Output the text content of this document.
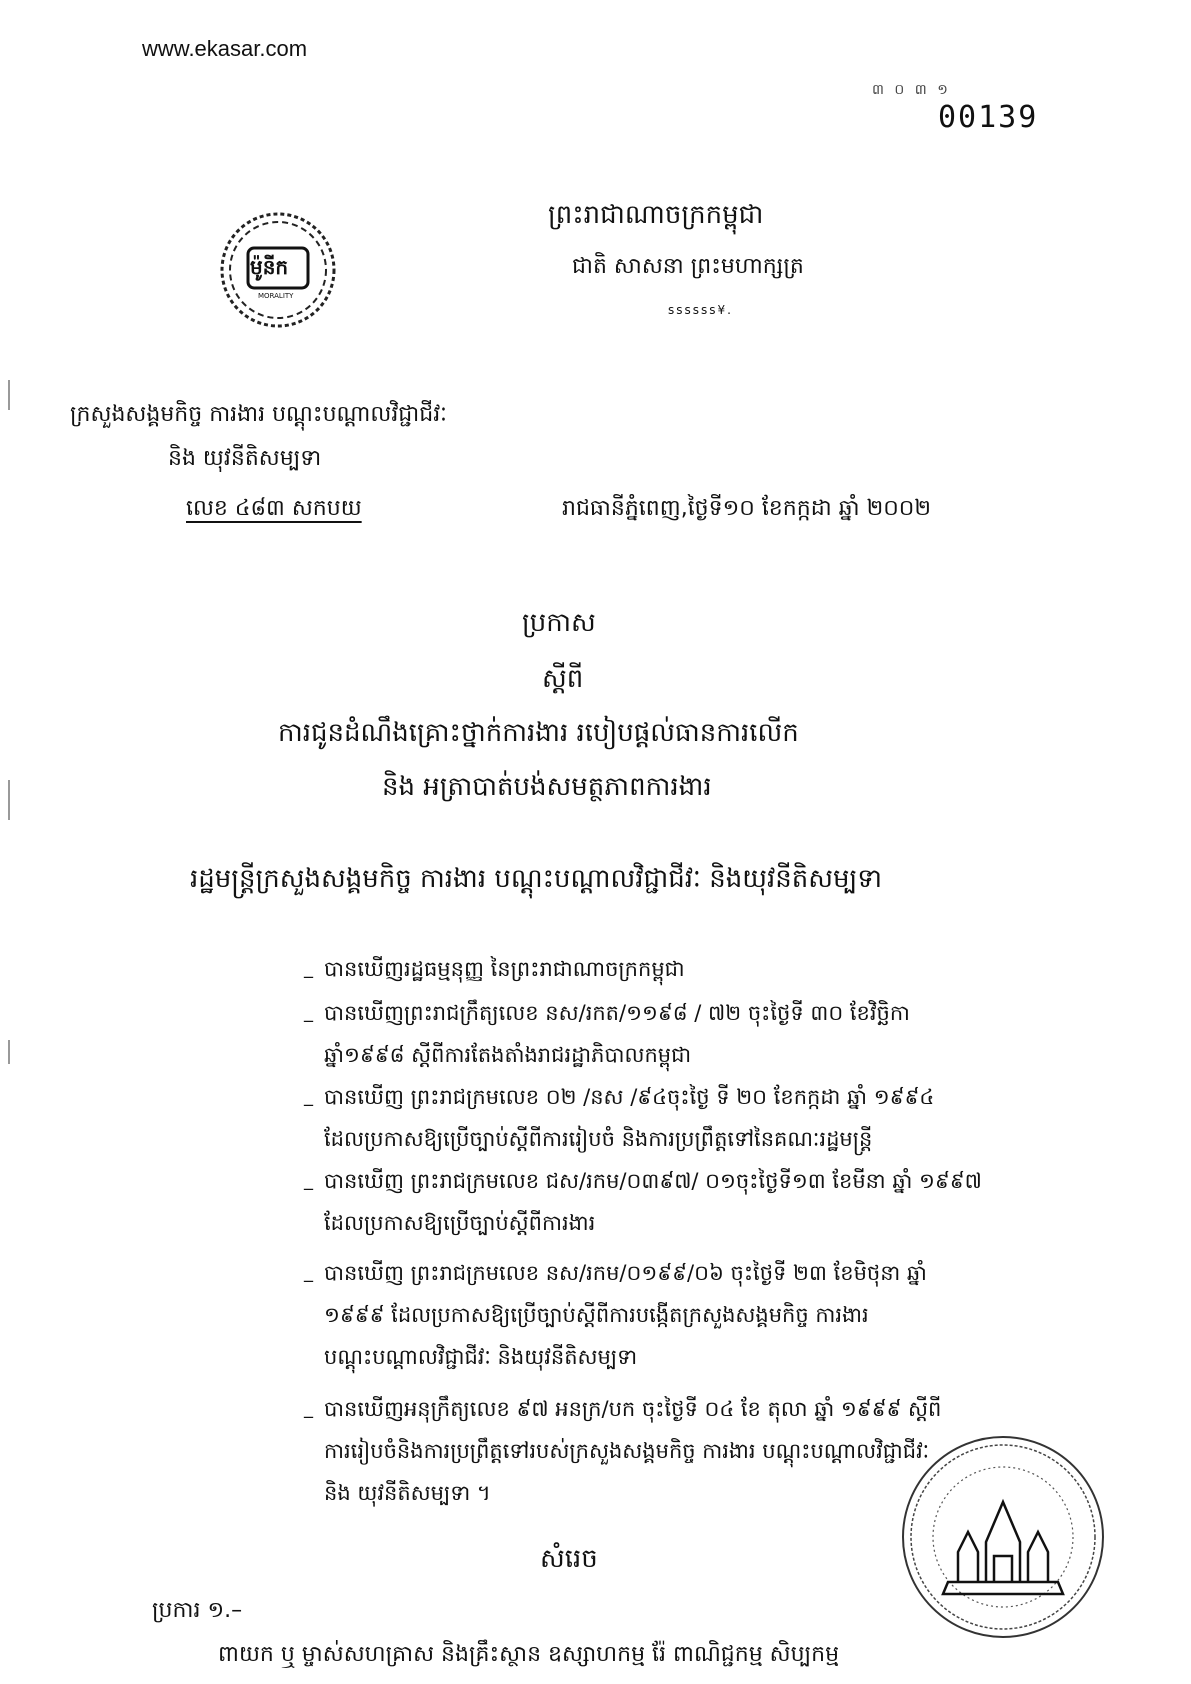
www.ekasar.com
៣ ០ ៣ ១
00139
ម៉ូនីក
MORALITY
ព្រះរាជាណាចក្រកម្ពុជា
ជាតិ សាសនា ព្រះមហាក្សត្រ
ssssss¥.
ក្រសួងសង្គមកិច្ច ការងារ បណ្តុះបណ្តាលវិជ្ជាជីវៈ
និង យុវនីតិសម្បទា
លេខ ៤៨៣ សកបយ	រាជធានីភ្នំពេញ,ថ្ងៃទី១០ ខែកក្កដា ឆ្នាំ ២០០២
ប្រកាស
ស្តីពី
ការជូនដំណឹងគ្រោះថ្នាក់ការងារ របៀបផ្តល់ធានការលើក
និង អត្រាបាត់បង់សមត្ថភាពការងារ
រដ្ឋមន្ត្រីក្រសួងសង្គមកិច្ច ការងារ បណ្តុះបណ្តាលវិជ្ជាជីវៈ និងយុវនីតិសម្បទា
_ បានឃើញរដ្ឋធម្មនុញ្ញ នៃព្រះរាជាណាចក្រកម្ពុជា
_ បានឃើញព្រះរាជក្រឹត្យលេខ នស/រកត/១១៩៨ / ៧២ ចុះថ្ងៃទី ៣០ ខែវិច្ឆិកា
ឆ្នាំ១៩៩៨ ស្តីពីការតែងតាំងរាជរដ្ឋាភិបាលកម្ពុជា
_ បានឃើញ ព្រះរាជក្រមលេខ ០២ /នស /៩៤ចុះថ្ងៃ ទី ២០ ខែកក្កដា ឆ្នាំ ១៩៩៤
ដែលប្រកាសឱ្យប្រើច្បាប់ស្តីពីការរៀបចំ និងការប្រព្រឹត្តទៅនៃគណៈរដ្ឋមន្ត្រី
_ បានឃើញ ព្រះរាជក្រមលេខ ជស/រកម/០៣៩៧/ ០១ចុះថ្ងៃទី១៣ ខែមីនា ឆ្នាំ ១៩៩៧
ដែលប្រកាសឱ្យប្រើច្បាប់ស្តីពីការងារ
_ បានឃើញ ព្រះរាជក្រមលេខ នស/រកម/០១៩៩/០៦ ចុះថ្ងៃទី ២៣ ខែមិថុនា ឆ្នាំ
១៩៩៩ ដែលប្រកាសឱ្យប្រើច្បាប់ស្តីពីការបង្កើតក្រសួងសង្គមកិច្ច ការងារ
បណ្តុះបណ្តាលវិជ្ជាជីវៈ និងយុវនីតិសម្បទា
_ បានឃើញអនុក្រឹត្យលេខ ៩៧ អនក្រ/បក ចុះថ្ងៃទី ០៤ ខែ តុលា ឆ្នាំ ១៩៩៩ ស្តីពី
ការរៀបចំនិងការប្រព្រឹត្តទៅរបស់ក្រសួងសង្គមកិច្ច ការងារ បណ្តុះបណ្តាលវិជ្ជាជីវៈ
និង យុវនីតិសម្បទា ។
សំរេច
ប្រការ ១.–
ពាយក ឬ ម្ចាស់សហគ្រាស និងគ្រឹះស្ថាន ឧស្សាហកម្ម រ៉ែ ពាណិជ្ជកម្ម សិប្បកម្ម
